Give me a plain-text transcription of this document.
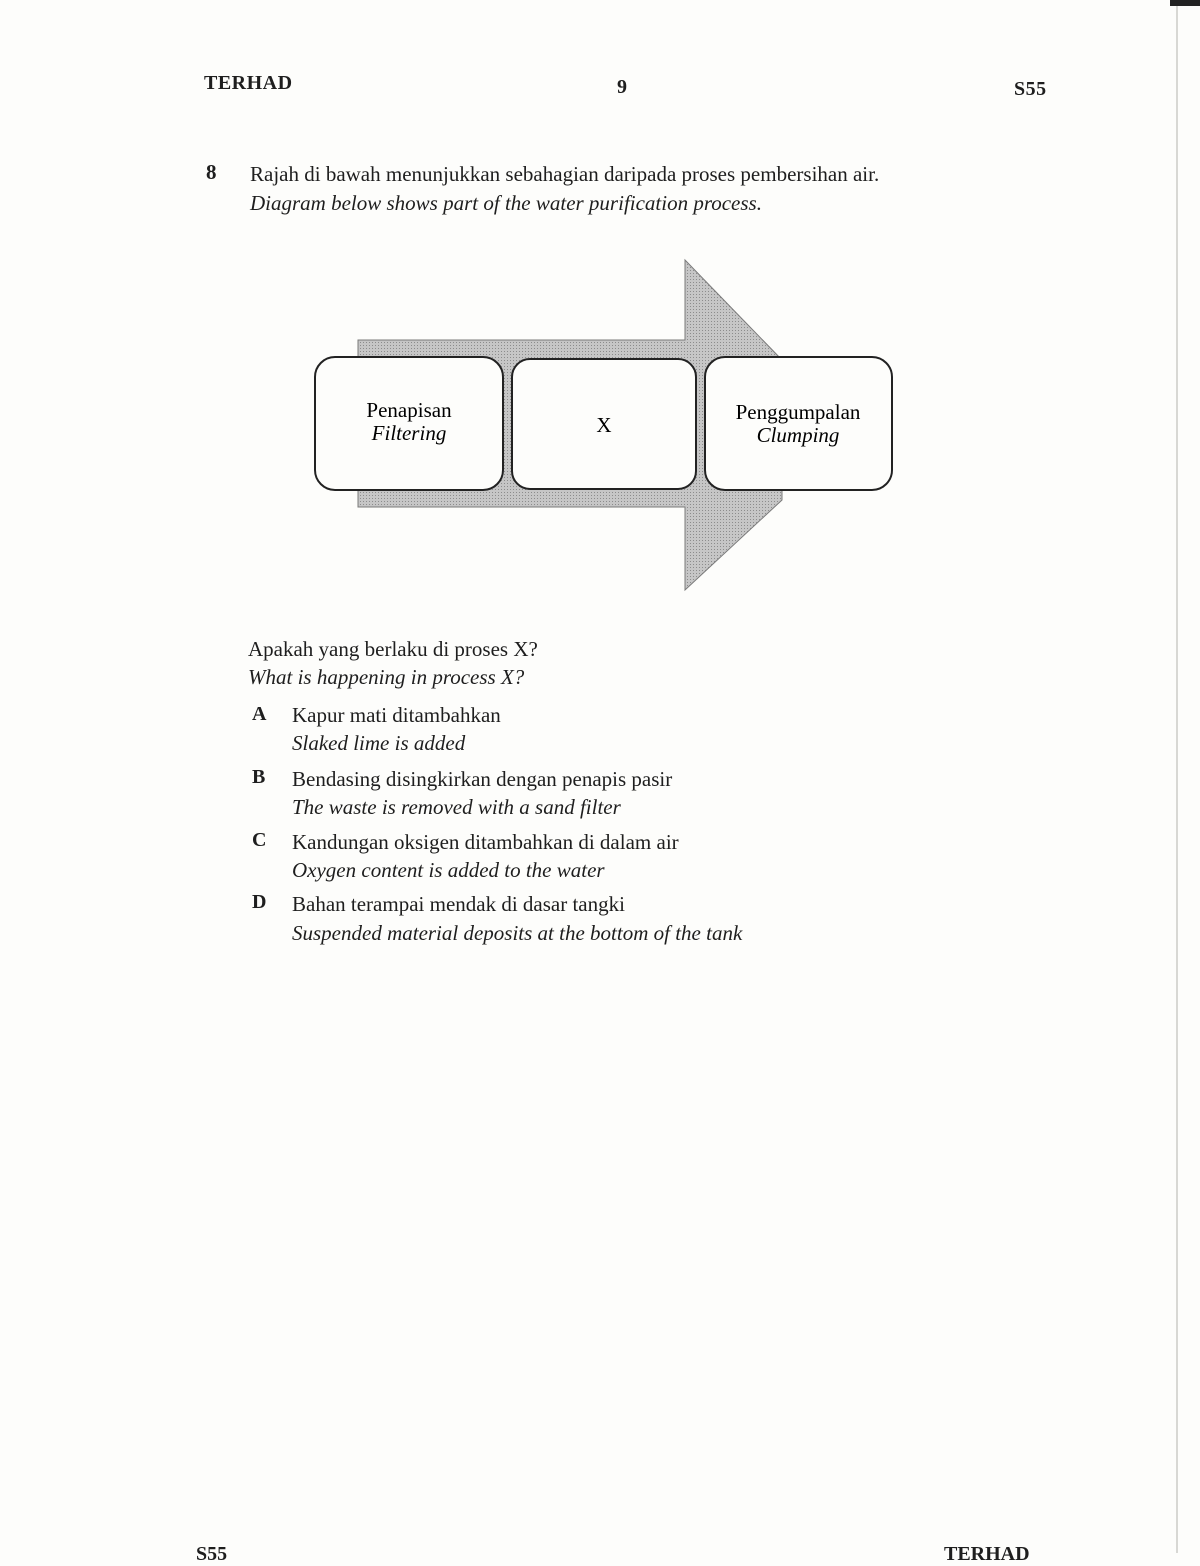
TERHAD	9	S55
8 Rajah di bawah menunjukkan sebahagian daripada proses pembersihan air.
Diagram below shows part of the water purification process.
Penapisan
Filtering	X
Penggumpalan
Clumping
Apakah yang berlaku di proses X?
What is happening in process X?
A Kapur mati ditambahkan
Slaked lime is added
B Bendasing disingkirkan dengan penapis pasir
The waste is removed with a sand filter
C Kandungan oksigen ditambahkan di dalam air
Oxygen content is added to the water
D Bahan terampai mendak di dasar tangki
Suspended material deposits at the bottom of the tank
S55	TERHAD
